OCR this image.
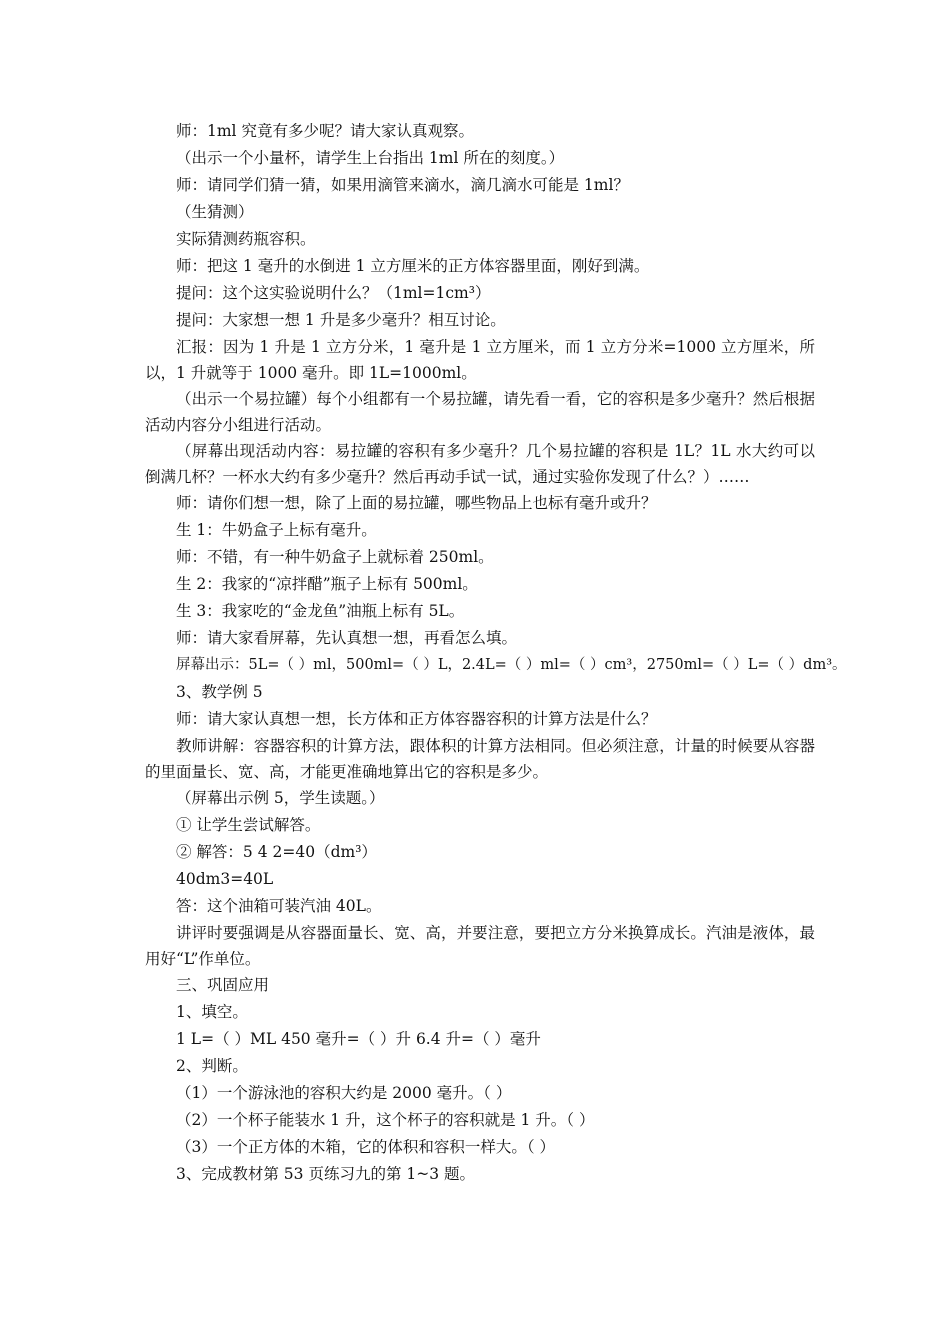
师：1ml 究竟有多少呢？请大家认真观察。

（出示一个小量杯，请学生上台指出 1ml 所在的刻度。）

师：请同学们猜一猜，如果用滴管来滴水，滴几滴水可能是 1ml？

（生猜测）

实际猜测药瓶容积。

师：把这 1 毫升的水倒进 1 立方厘米的正方体容器里面，刚好到满。

提问：这个这实验说明什么？（1ml=1cm³）

提问：大家想一想 1 升是多少毫升？相互讨论。

汇报：因为 1 升是 1 立方分米，1 毫升是 1 立方厘米，而 1 立方分米=1000 立方厘米，所以，1 升就等于 1000 毫升。即 1L=1000ml。

（出示一个易拉罐）每个小组都有一个易拉罐，请先看一看，它的容积是多少毫升？然后根据活动内容分小组进行活动。

（屏幕出现活动内容：易拉罐的容积有多少毫升？几个易拉罐的容积是 1L？1L 水大约可以倒满几杯？一杯水大约有多少毫升？然后再动手试一试，通过实验你发现了什么？）……

师：请你们想一想，除了上面的易拉罐，哪些物品上也标有毫升或升？

生 1：牛奶盒子上标有毫升。

师：不错，有一种牛奶盒子上就标着 250ml。

生 2：我家的“凉拌醋”瓶子上标有 500ml。

生 3：我家吃的“金龙鱼”油瓶上标有 5L。

师：请大家看屏幕，先认真想一想，再看怎么填。

屏幕出示：5L=（ ）ml，500ml=（ ）L，2.4L=（ ）ml=（ ）cm³，2750ml=（ ）L=（ ）dm³。

3、教学例 5

师：请大家认真想一想，长方体和正方体容器容积的计算方法是什么？

教师讲解：容器容积的计算方法，跟体积的计算方法相同。但必须注意，计量的时候要从容器的里面量长、宽、高，才能更准确地算出它的容积是多少。

（屏幕出示例 5，学生读题。）

① 让学生尝试解答。

② 解答：5 4 2=40（dm³）

40dm3=40L

答：这个油箱可装汽油 40L。

讲评时要强调是从容器面量长、宽、高，并要注意，要把立方分米换算成长。汽油是液体，最用好“L”作单位。

三、巩固应用

1、填空。

1 L=（ ）ML 450 毫升=（ ）升 6.4 升=（ ）毫升

2、判断。

（1）一个游泳池的容积大约是 2000 毫升。（ ）

（2）一个杯子能装水 1 升，这个杯子的容积就是 1 升。（ ）

（3）一个正方体的木箱，它的体积和容积一样大。（ ）

3、完成教材第 53 页练习九的第 1~3 题。
